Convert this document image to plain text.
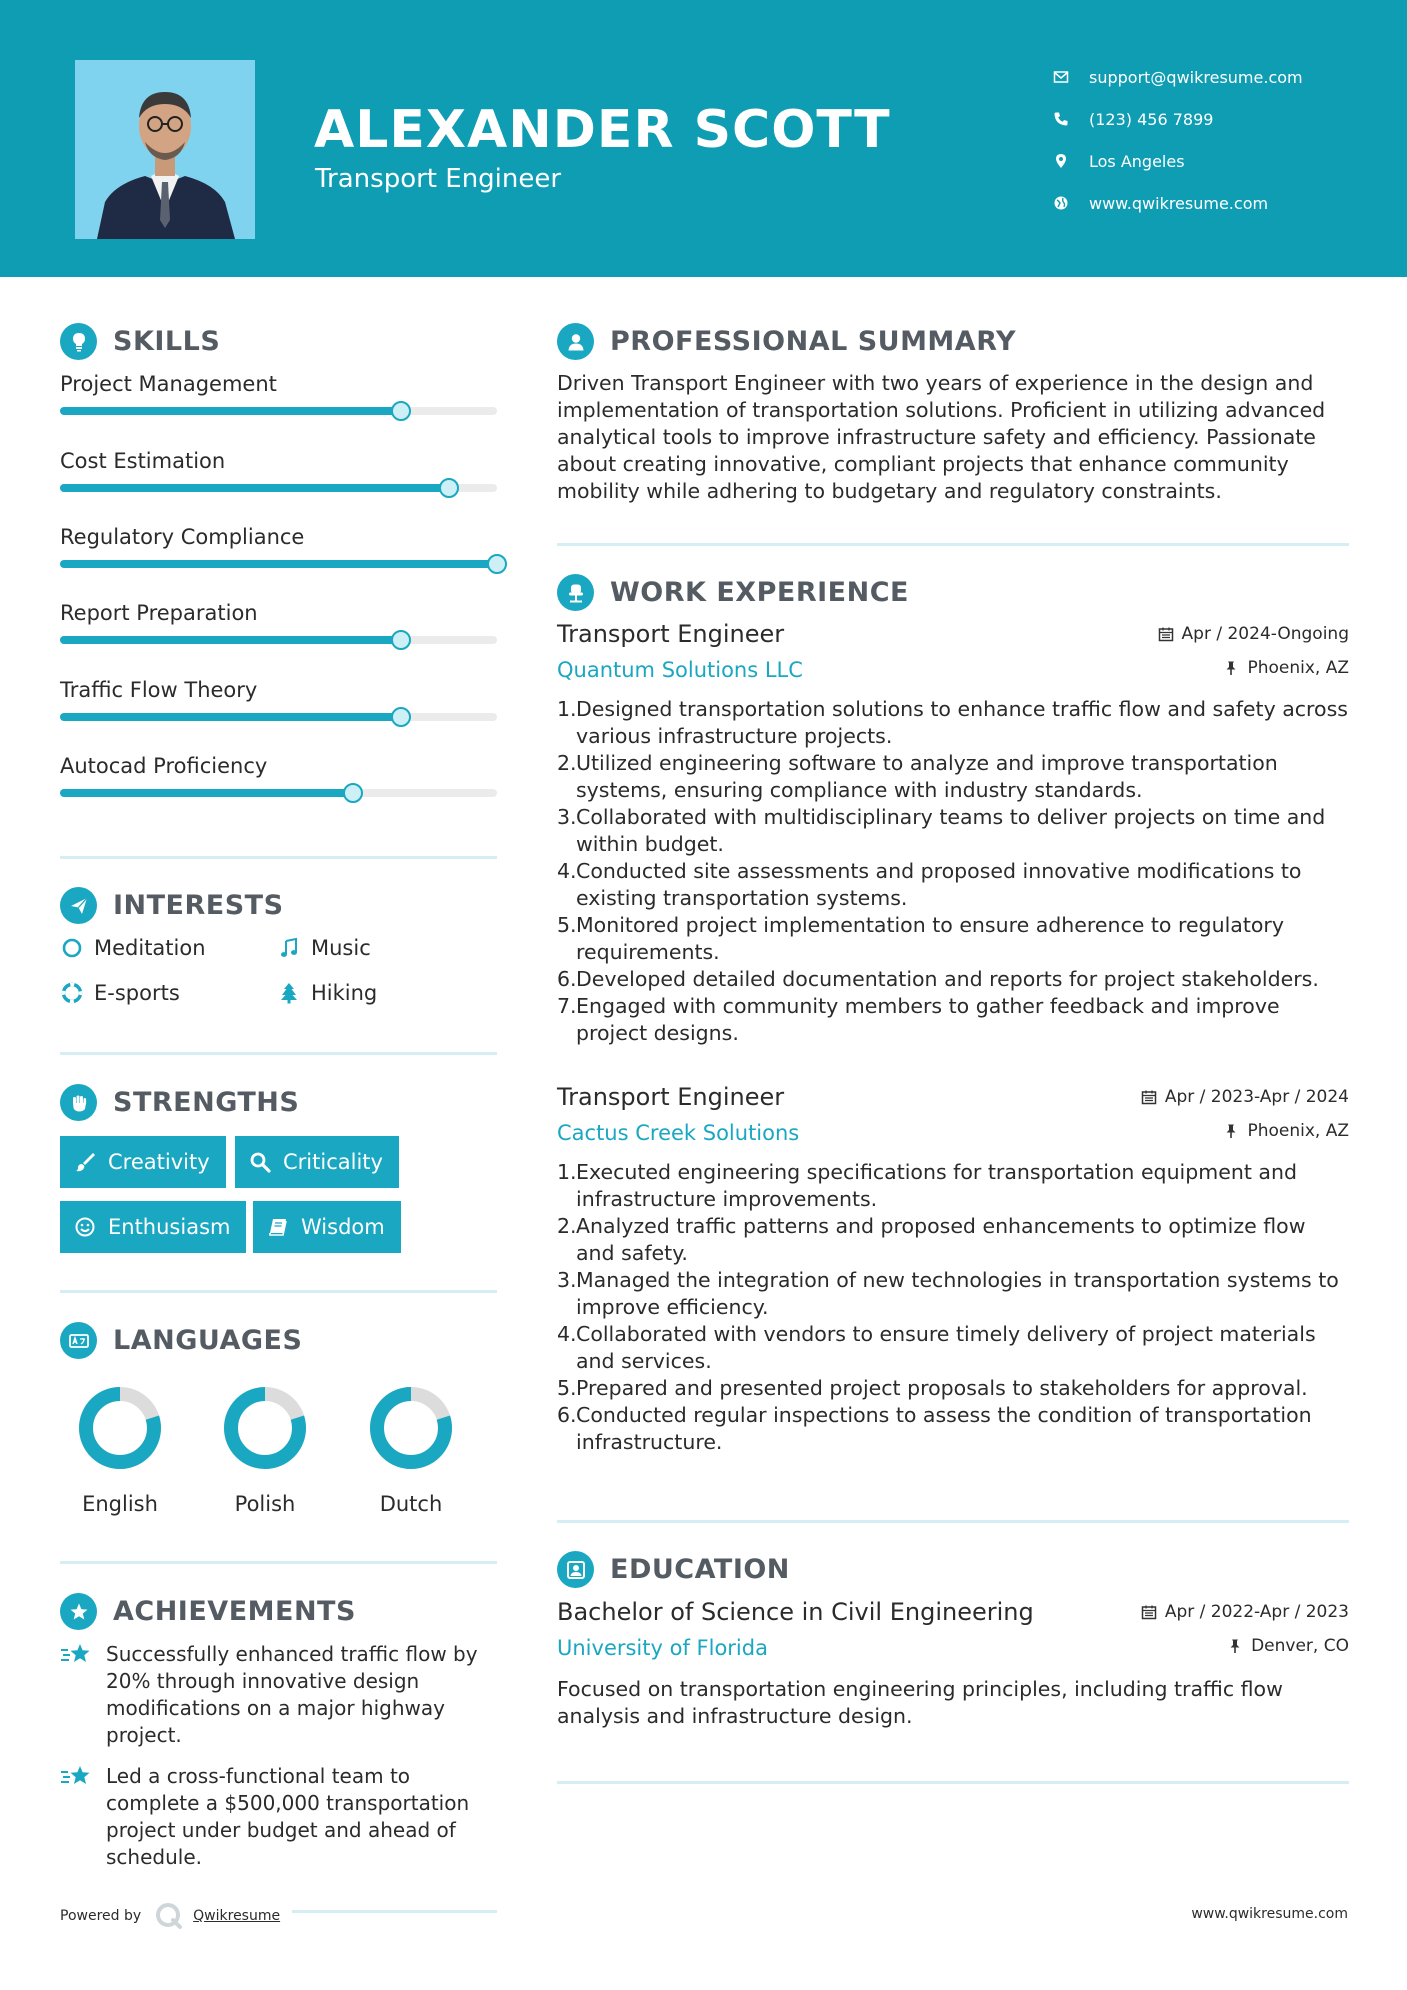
ALEXANDER SCOTT
Transport Engineer
support@qwikresume.com
(123) 456 7899
Los Angeles
www.qwikresume.com
SKILLS
Project Management
Cost Estimation
Regulatory Compliance
Report Preparation
Traffic Flow Theory
Autocad Proficiency
INTERESTS
Meditation	Music
E-sports	Hiking
STRENGTHS
Creativity	Criticality
Enthusiasm	Wisdom
LANGUAGES
English	Polish	Dutch
ACHIEVEMENTS
Successfully enhanced traffic flow by 20% through innovative design modifications on a major highway project.
Led a cross-functional team to complete a $500,000 transportation project under budget and ahead of schedule.
PROFESSIONAL SUMMARY
Driven Transport Engineer with two years of experience in the design and implementation of transportation solutions. Proficient in utilizing advanced analytical tools to improve infrastructure safety and efficiency. Passionate about creating innovative, compliant projects that enhance community mobility while adhering to budgetary and regulatory constraints.
WORK EXPERIENCE
Transport Engineer
Quantum Solutions LLC
Apr / 2024-Ongoing
Phoenix, AZ
1. Designed transportation solutions to enhance traffic flow and safety across various infrastructure projects.
2. Utilized engineering software to analyze and improve transportation systems, ensuring compliance with industry standards.
3. Collaborated with multidisciplinary teams to deliver projects on time and within budget.
4. Conducted site assessments and proposed innovative modifications to existing transportation systems.
5. Monitored project implementation to ensure adherence to regulatory requirements.
6. Developed detailed documentation and reports for project stakeholders.
7. Engaged with community members to gather feedback and improve project designs.
Transport Engineer
Cactus Creek Solutions
Apr / 2023-Apr / 2024
Phoenix, AZ
1. Executed engineering specifications for transportation equipment and infrastructure improvements.
2. Analyzed traffic patterns and proposed enhancements to optimize flow and safety.
3. Managed the integration of new technologies in transportation systems to improve efficiency.
4. Collaborated with vendors to ensure timely delivery of project materials and services.
5. Prepared and presented project proposals to stakeholders for approval.
6. Conducted regular inspections to assess the condition of transportation infrastructure.
EDUCATION
Bachelor of Science in Civil Engineering
University of Florida
Apr / 2022-Apr / 2023
Denver, CO
Focused on transportation engineering principles, including traffic flow analysis and infrastructure design.
Powered by	Qwikresume	www.qwikresume.com
